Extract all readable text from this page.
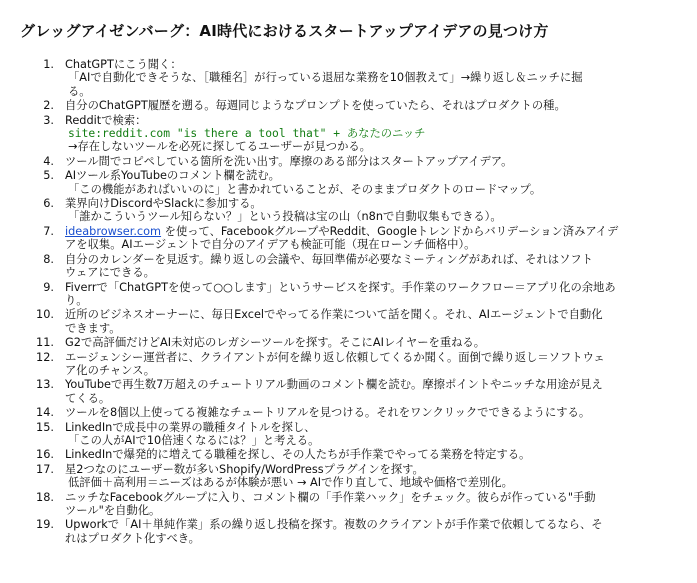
グレッグアイゼンバーグ：AI時代におけるスタートアップアイデアの見つけ方
1. ChatGPTにこう聞く：
「AIで自動化できそうな、［職種名］が行っている退屈な業務を10個教えて」→繰り返し＆ニッチに掘
る。
2. 自分のChatGPT履歴を遡る。毎週同じようなプロンプトを使っていたら、それはプロダクトの種。
3. Redditで検索：
site:reddit.com "is there a tool that" + あなたのニッチ
→存在しないツールを必死に探してるユーザーが見つかる。
4. ツール間でコピペしている箇所を洗い出す。摩擦のある部分はスタートアップアイデア。
5. AIツール系YouTubeのコメント欄を読む。
「この機能があればいいのに」と書かれていることが、そのままプロダクトのロードマップ。
6. 業界向けDiscordやSlackに参加する。
「誰かこういうツール知らない？」という投稿は宝の山（n8nで自動収集もできる）。
7. ideabrowser.com を使って、FacebookグループやReddit、Googleトレンドからバリデーション済みアイデ
アを収集。AIエージェントで自分のアイデアも検証可能（現在ローンチ価格中）。
8. 自分のカレンダーを見返す。繰り返しの会議や、毎回準備が必要なミーティングがあれば、それはソフト
ウェアにできる。
9. Fiverrで「ChatGPTを使って○○します」というサービスを探す。手作業のワークフロー＝アプリ化の余地あ
り。
10. 近所のビジネスオーナーに、毎日Excelでやってる作業について話を聞く。それ、AIエージェントで自動化
できます。
11. G2で高評価だけどAI未対応のレガシーツールを探す。そこにAIレイヤーを重ねる。
12. エージェンシー運営者に、クライアントが何を繰り返し依頼してくるか聞く。面倒で繰り返し＝ソフトウェ
ア化のチャンス。
13. YouTubeで再生数7万超えのチュートリアル動画のコメント欄を読む。摩擦ポイントやニッチな用途が見え
てくる。
14. ツールを8個以上使ってる複雑なチュートリアルを見つける。それをワンクリックでできるようにする。
15. LinkedInで成長中の業界の職種タイトルを探し、
「この人がAIで10倍速くなるには？」と考える。
16. LinkedInで爆発的に増えてる職種を探し、その人たちが手作業でやってる業務を特定する。
17. 星2つなのにユーザー数が多いShopify/WordPressプラグインを探す。
低評価＋高利用＝ニーズはあるが体験が悪い → AIで作り直して、地域や価格で差別化。
18. ニッチなFacebookグループに入り、コメント欄の「手作業ハック」をチェック。彼らが作っている"手動
ツール"を自動化。
19. Upworkで「AI＋単純作業」系の繰り返し投稿を探す。複数のクライアントが手作業で依頼してるなら、そ
れはプロダクト化すべき。
